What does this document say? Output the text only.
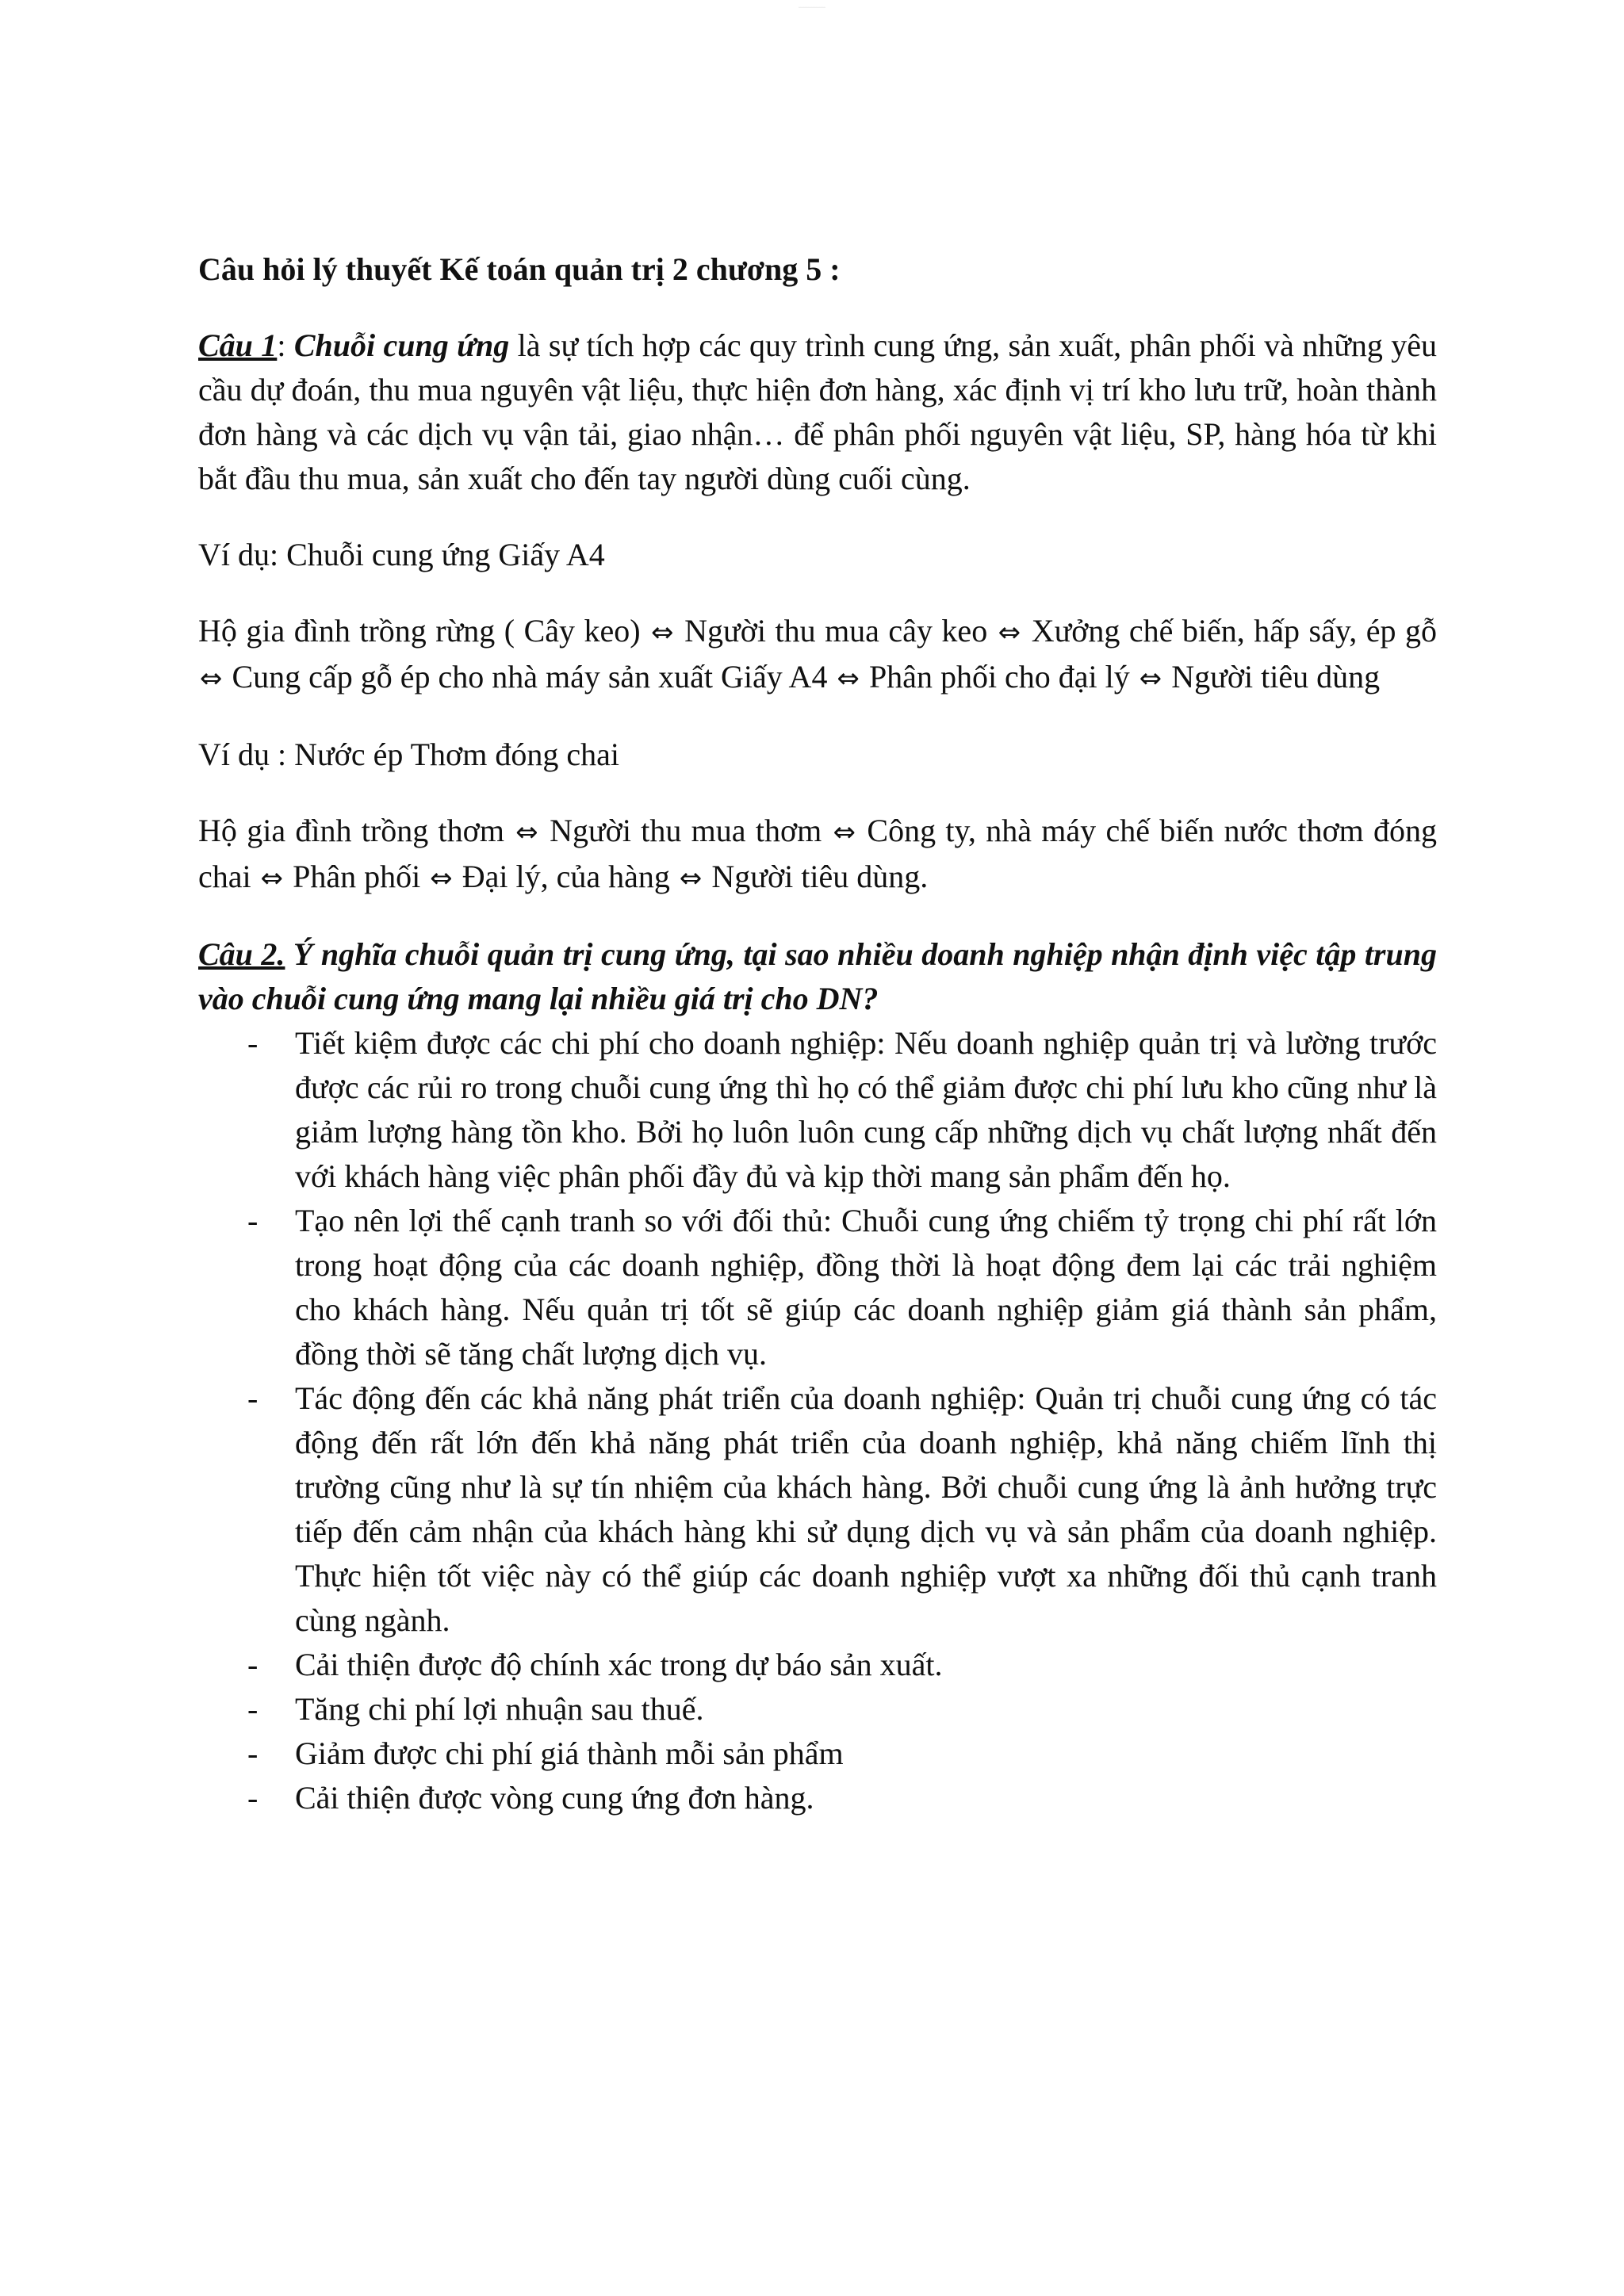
·················

Câu hỏi lý thuyết Kế toán quản trị 2 chương 5 :

Câu 1: Chuỗi cung ứng là sự tích hợp các quy trình cung ứng, sản xuất, phân phối và những yêu cầu dự đoán, thu mua nguyên vật liệu, thực hiện đơn hàng, xác định vị trí kho lưu trữ, hoàn thành đơn hàng và các dịch vụ vận tải, giao nhận… để phân phối nguyên vật liệu, SP, hàng hóa từ khi bắt đầu thu mua, sản xuất cho đến tay người dùng cuối cùng.

Ví dụ: Chuỗi cung ứng Giấy A4

Hộ gia đình trồng rừng ( Cây keo) ⇔ Người thu mua cây keo ⇔ Xưởng chế biến, hấp sấy, ép gỗ ⇔ Cung cấp gỗ ép cho nhà máy sản xuất Giấy A4 ⇔ Phân phối cho đại lý ⇔ Người tiêu dùng

Ví dụ : Nước ép Thơm đóng chai

Hộ gia đình trồng thơm ⇔ Người thu mua thơm ⇔ Công ty, nhà máy chế biến nước thơm đóng chai ⇔ Phân phối ⇔ Đại lý, của hàng ⇔ Người tiêu dùng.

Câu 2. Ý nghĩa chuỗi quản trị cung ứng, tại sao nhiều doanh nghiệp nhận định việc tập trung vào chuỗi cung ứng mang lại nhiều giá trị cho DN?

- Tiết kiệm được các chi phí cho doanh nghiệp: Nếu doanh nghiệp quản trị và lường trước được các rủi ro trong chuỗi cung ứng thì họ có thể giảm được chi phí lưu kho cũng như là giảm lượng hàng tồn kho. Bởi họ luôn luôn cung cấp những dịch vụ chất lượng nhất đến với khách hàng việc phân phối đầy đủ và kịp thời mang sản phẩm đến họ.
- Tạo nên lợi thế cạnh tranh so với đối thủ: Chuỗi cung ứng chiếm tỷ trọng chi phí rất lớn trong hoạt động của các doanh nghiệp, đồng thời là hoạt động đem lại các trải nghiệm cho khách hàng. Nếu quản trị tốt sẽ giúp các doanh nghiệp giảm giá thành sản phẩm, đồng thời sẽ tăng chất lượng dịch vụ.
- Tác động đến các khả năng phát triển của doanh nghiệp: Quản trị chuỗi cung ứng có tác động đến rất lớn đến khả năng phát triển của doanh nghiệp, khả năng chiếm lĩnh thị trường cũng như là sự tín nhiệm của khách hàng. Bởi chuỗi cung ứng là ảnh hưởng trực tiếp đến cảm nhận của khách hàng khi sử dụng dịch vụ và sản phẩm của doanh nghiệp. Thực hiện tốt việc này có thể giúp các doanh nghiệp vượt xa những đối thủ cạnh tranh cùng ngành.
- Cải thiện được độ chính xác trong dự báo sản xuất.
- Tăng chi phí lợi nhuận sau thuế.
- Giảm được chi phí giá thành mỗi sản phẩm
- Cải thiện được vòng cung ứng đơn hàng.
